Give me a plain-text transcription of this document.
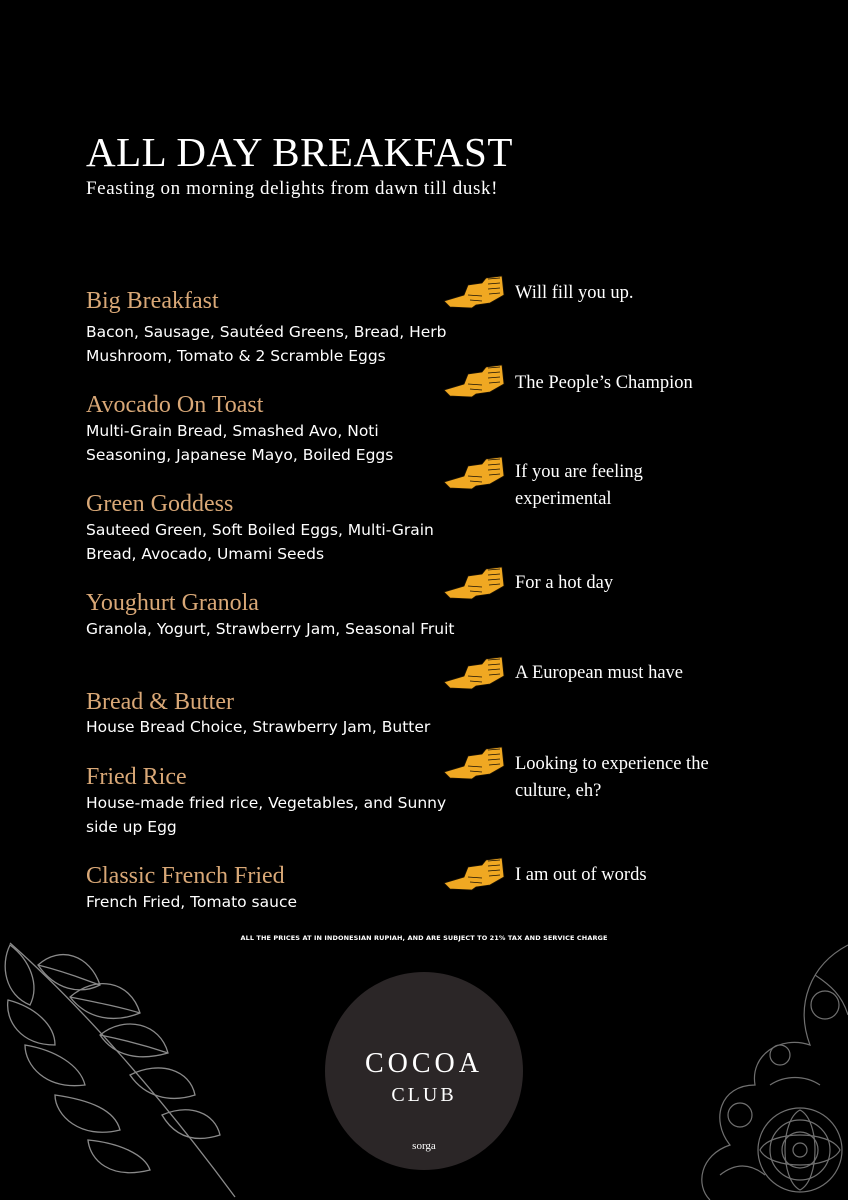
ALL DAY BREAKFAST
Feasting on morning delights from dawn till dusk!
Big Breakfast
Bacon, Sausage, Sautéed Greens, Bread, Herb Mushroom, Tomato & 2 Scramble Eggs
Will fill you up.
Avocado On Toast
Multi-Grain Bread, Smashed Avo, Noti Seasoning, Japanese Mayo, Boiled Eggs
The People’s Champion
Green Goddess
Sauteed Green, Soft Boiled Eggs, Multi-Grain Bread, Avocado, Umami Seeds
If you are feeling experimental
Youghurt Granola
Granola, Yogurt, Strawberry Jam, Seasonal Fruit
For a hot day
Bread & Butter
House Bread Choice, Strawberry Jam, Butter
A European must have
Fried Rice
House-made fried rice, Vegetables, and Sunny side up Egg
Looking to experience the culture, eh?
Classic French Fried
French Fried, Tomato sauce
I am out of words
ALL THE PRICES AT IN INDONESIAN RUPIAH, AND ARE SUBJECT TO 21% TAX AND SERVICE CHARGE
COCOA
CLUB
sorga
